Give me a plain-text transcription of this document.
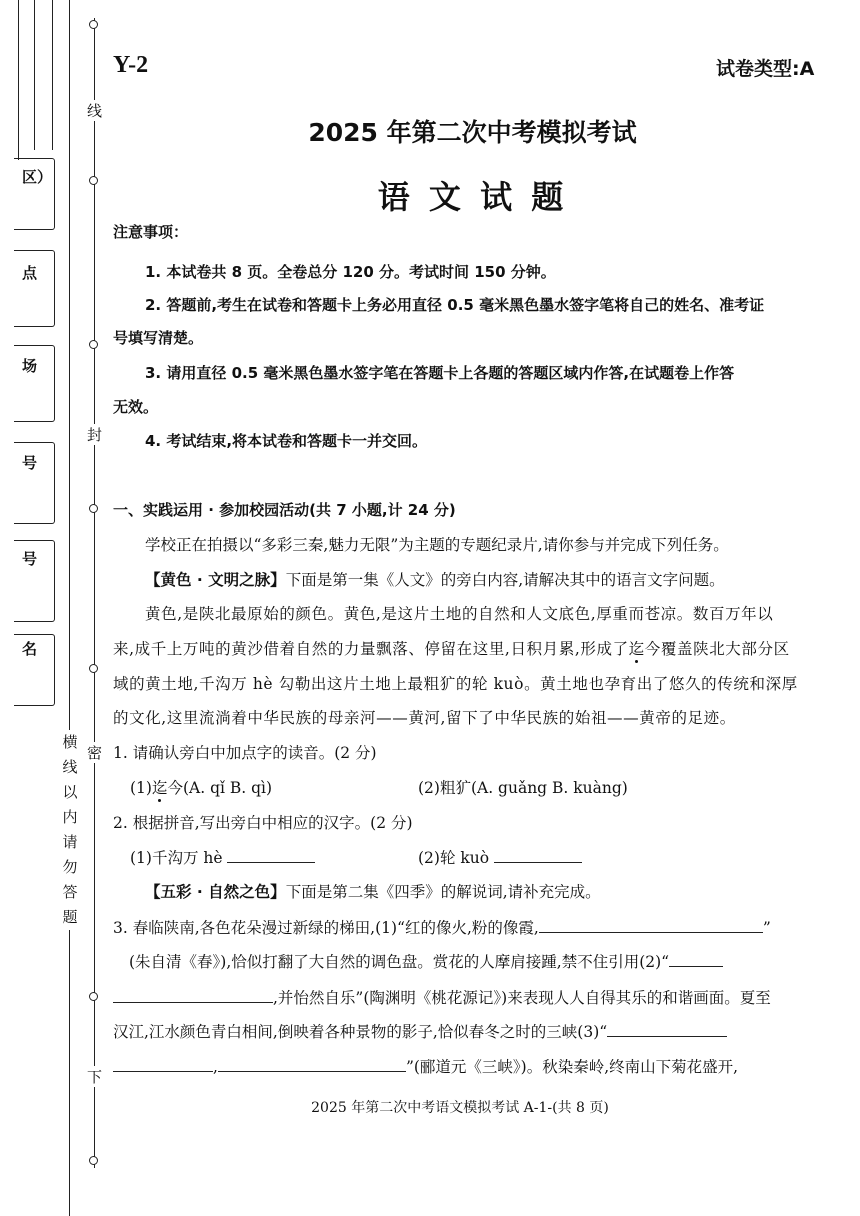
线
封
密
下
横
线
以
内
请
勿
答
题
区）
点
场
号
号
名
Y-2	试卷类型:A
2025 年第二次中考模拟考试
语 文 试 题
注意事项：
1. 本试卷共 8 页。全卷总分 120 分。考试时间 150 分钟。
2. 答题前,考生在试卷和答题卡上务必用直径 0.5 毫米黑色墨水签字笔将自己的姓名、准考证
号填写清楚。
3. 请用直径 0.5 毫米黑色墨水签字笔在答题卡上各题的答题区域内作答,在试题卷上作答
无效。
4. 考试结束,将本试卷和答题卡一并交回。
一、实践运用 · 参加校园活动(共 7 小题,计 24 分)
学校正在拍摄以“多彩三秦,魅力无限”为主题的专题纪录片,请你参与并完成下列任务。
【黄色 · 文明之脉】下面是第一集《人文》的旁白内容,请解决其中的语言文字问题。
黄色,是陕北最原始的颜色。黄色,是这片土地的自然和人文底色,厚重而苍凉。数百万年以
来,成千上万吨的黄沙借着自然的力量飘落、停留在这里,日积月累,形成了迄今覆盖陕北大部分区
域的黄土地,千沟万 hè 勾勒出这片土地上最粗犷的轮 kuò。黄土地也孕育出了悠久的传统和深厚
的文化,这里流淌着中华民族的母亲河——黄河,留下了中华民族的始祖——黄帝的足迹。
1. 请确认旁白中加点字的读音。(2 分)
(1)迄今(A. qǐ B. qì)	(2)粗犷(A. guǎng B. kuàng)
2. 根据拼音,写出旁白中相应的汉字。(2 分)
(1)千沟万 hè	(2)轮 kuò
【五彩 · 自然之色】下面是第二集《四季》的解说词,请补充完成。
3. 春临陕南,各色花朵漫过新绿的梯田,(1)“红的像火,粉的像霞,	”
(朱自清《春》),恰似打翻了大自然的调色盘。赏花的人摩肩接踵,禁不住引用(2)“
,并怡然自乐”(陶渊明《桃花源记》)来表现人人自得其乐的和谐画面。夏至
汉江,江水颜色青白相间,倒映着各种景物的影子,恰似春冬之时的三峡(3)“
,	”(郦道元《三峡》)。秋染秦岭,终南山下菊花盛开,
2025 年第二次中考语文模拟考试 A-1-(共 8 页)
